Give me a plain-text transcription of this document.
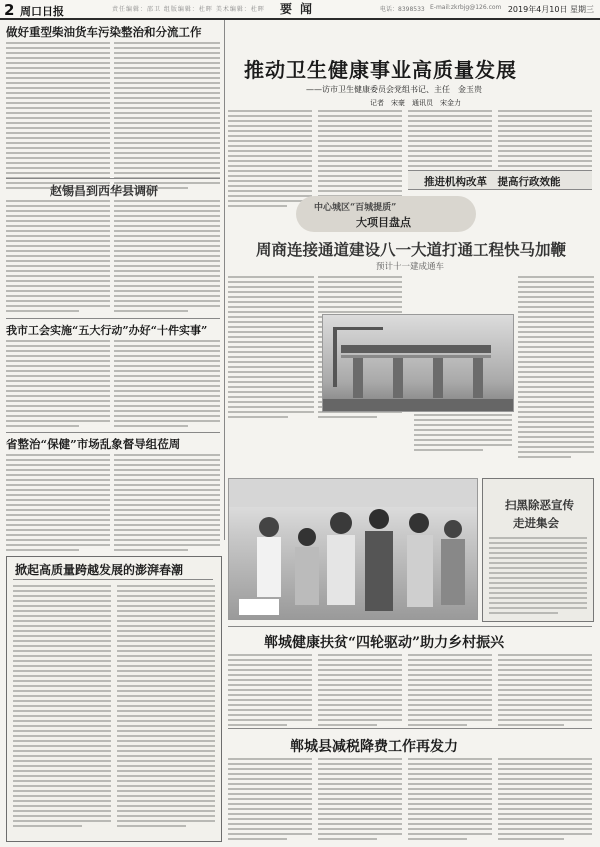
2 周口日报	责任编辑：邵卫 组版编辑：杜晖 美术编辑：杜晖	要闻	电话：8398533 E-mail:zkrbjg@126.com 2019年4月10日 星期三
做好重型柴油货车污染整治和分流工作
赵锡昌到西华县调研
我市工会实施“五大行动”办好“十件实事”
省整治“保健”市场乱象督导组莅周
掀起高质量跨越发展的澎湃春潮
推动卫生健康事业高质量发展
——访市卫生健康委员会党组书记、主任　金玉贵
记者　宋豪　通讯员　宋金力
推进机构改革　提高行政效能
中心城区“百城提质”
大项目盘点
周商连接通道建设八一大道打通工程快马加鞭
预计十一建成通车
扫黑除恶宣传
走进集会
郸城健康扶贫“四轮驱动”助力乡村振兴
郸城县减税降费工作再发力
